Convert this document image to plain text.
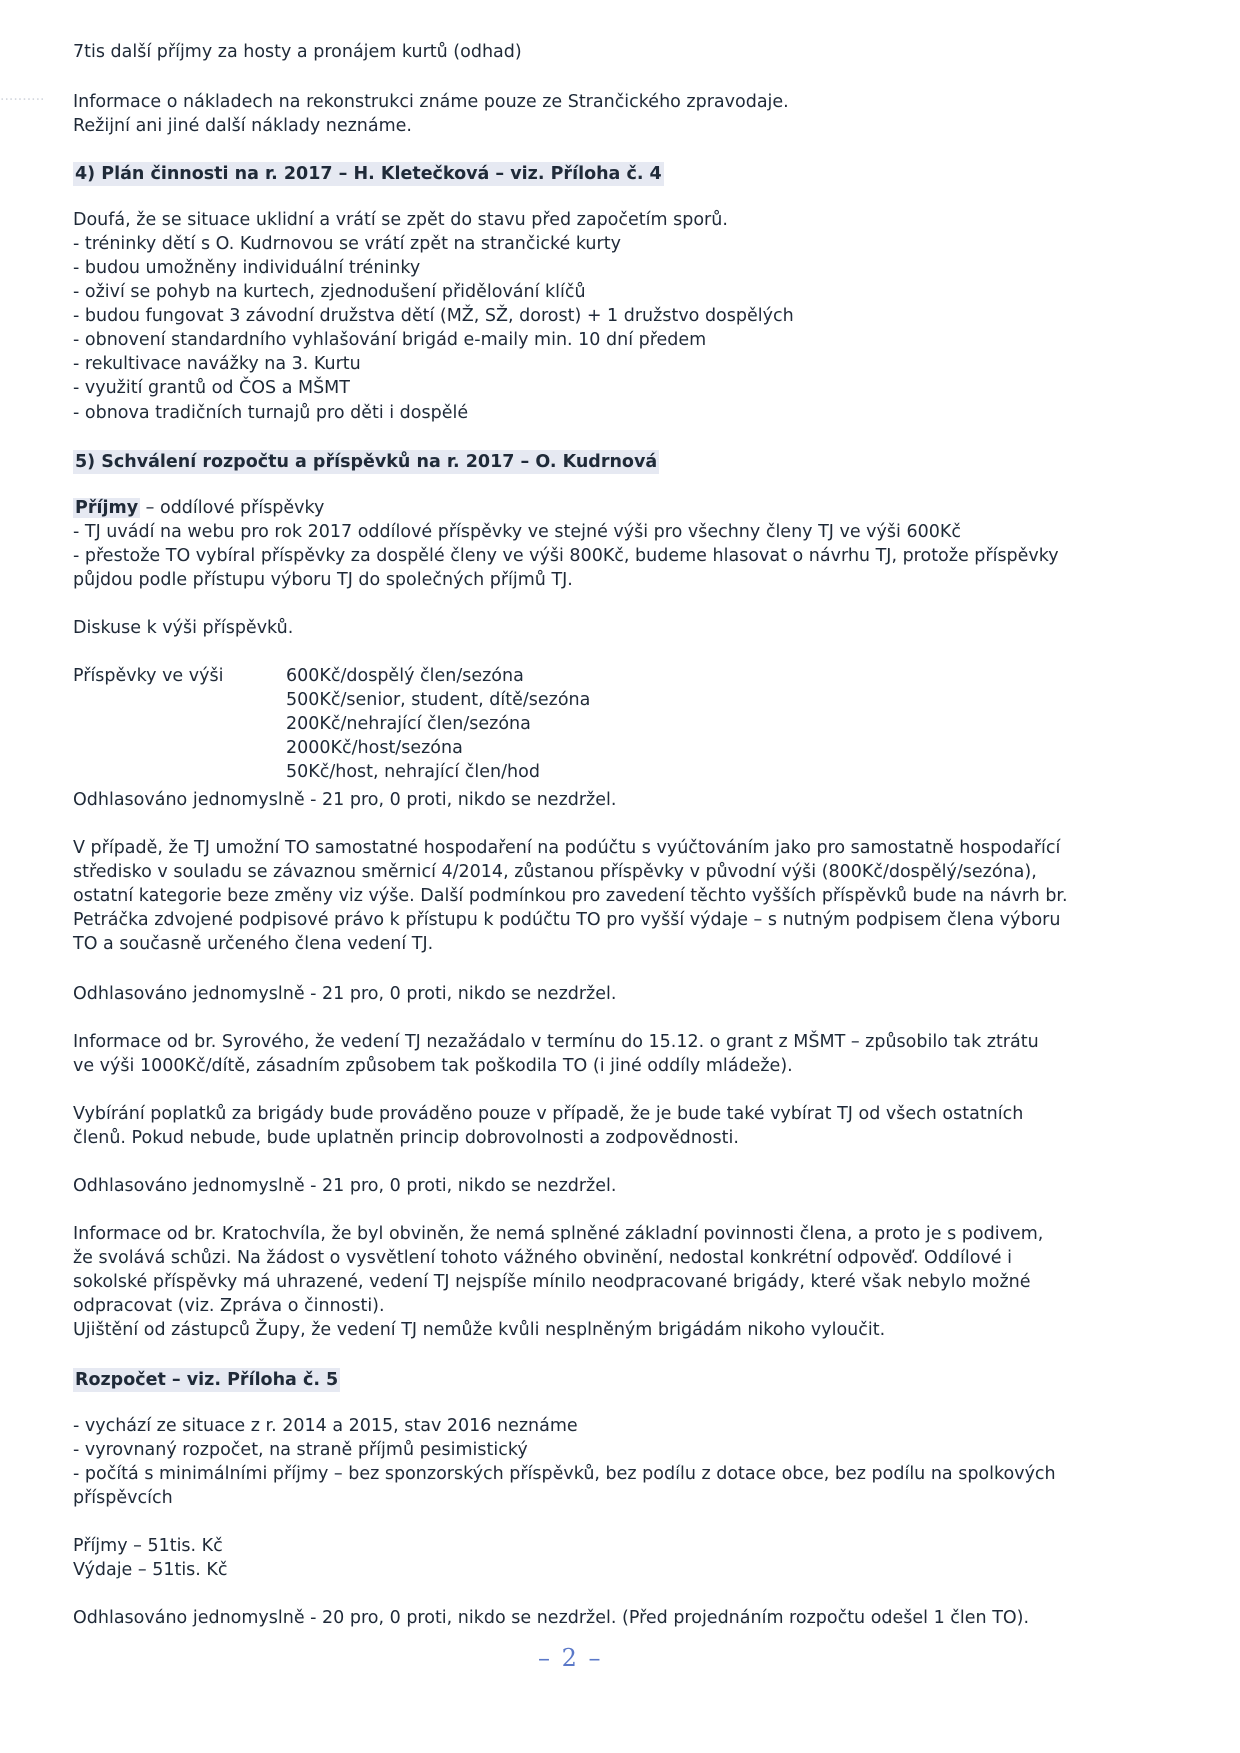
..........
7tis další příjmy za hosty a pronájem kurtů (odhad)
Informace o nákladech na rekonstrukci známe pouze ze Strančického zpravodaje.
Režijní ani jiné další náklady neznáme.
4) Plán činnosti na r. 2017 – H. Kletečková – viz. Příloha č. 4
Doufá, že se situace uklidní a vrátí se zpět do stavu před započetím sporů.
- tréninky dětí s O. Kudrnovou se vrátí zpět na strančické kurty
- budou umožněny individuální tréninky
- oživí se pohyb na kurtech, zjednodušení přidělování klíčů
- budou fungovat 3 závodní družstva dětí (MŽ, SŽ, dorost) + 1 družstvo dospělých
- obnovení standardního vyhlašování brigád e-maily min. 10 dní předem
- rekultivace navážky na 3. Kurtu
- využití grantů od ČOS a MŠMT
- obnova tradičních turnajů pro děti i dospělé
5) Schválení rozpočtu a příspěvků na r. 2017 – O. Kudrnová
Příjmy – oddílové příspěvky
- TJ uvádí na webu pro rok 2017 oddílové příspěvky ve stejné výši pro všechny členy TJ ve výši 600Kč
- přestože TO vybíral příspěvky za dospělé členy ve výši 800Kč, budeme hlasovat o návrhu TJ, protože příspěvky
půjdou podle přístupu výboru TJ do společných příjmů TJ.
Diskuse k výši příspěvků.
Příspěvky ve výši	600Kč/dospělý člen/sezóna
500Kč/senior, student, dítě/sezóna
200Kč/nehrající člen/sezóna
2000Kč/host/sezóna
50Kč/host, nehrající člen/hod
Odhlasováno jednomyslně - 21 pro, 0 proti, nikdo se nezdržel.
V případě, že TJ umožní TO samostatné hospodaření na podúčtu s vyúčtováním jako pro samostatně hospodařící
středisko v souladu se závaznou směrnicí 4/2014, zůstanou příspěvky v původní výši (800Kč/dospělý/sezóna),
ostatní kategorie beze změny viz výše. Další podmínkou pro zavedení těchto vyšších příspěvků bude na návrh br.
Petráčka zdvojené podpisové právo k přístupu k podúčtu TO pro vyšší výdaje – s nutným podpisem člena výboru
TO a současně určeného člena vedení TJ.
Odhlasováno jednomyslně - 21 pro, 0 proti, nikdo se nezdržel.
Informace od br. Syrového, že vedení TJ nezažádalo v termínu do 15.12. o grant z MŠMT – způsobilo tak ztrátu
ve výši 1000Kč/dítě, zásadním způsobem tak poškodila TO (i jiné oddíly mládeže).
Vybírání poplatků za brigády bude prováděno pouze v případě, že je bude také vybírat TJ od všech ostatních
členů. Pokud nebude, bude uplatněn princip dobrovolnosti a zodpovědnosti.
Odhlasováno jednomyslně - 21 pro, 0 proti, nikdo se nezdržel.
Informace od br. Kratochvíla, že byl obviněn, že nemá splněné základní povinnosti člena, a proto je s podivem,
že svolává schůzi. Na žádost o vysvětlení tohoto vážného obvinění, nedostal konkrétní odpověď. Oddílové i
sokolské příspěvky má uhrazené, vedení TJ nejspíše mínilo neodpracované brigády, které však nebylo možné
odpracovat (viz. Zpráva o činnosti).
Ujištění od zástupců Župy, že vedení TJ nemůže kvůli nesplněným brigádám nikoho vyloučit.
Rozpočet – viz. Příloha č. 5
- vychází ze situace z r. 2014 a 2015, stav 2016 neznáme
- vyrovnaný rozpočet, na straně příjmů pesimistický
- počítá s minimálními příjmy – bez sponzorských příspěvků, bez podílu z dotace obce, bez podílu na spolkových
příspěvcích
Příjmy – 51tis. Kč
Výdaje – 51tis. Kč
Odhlasováno jednomyslně - 20 pro, 0 proti, nikdo se nezdržel. (Před projednáním rozpočtu odešel 1 člen TO).
– 2 –
